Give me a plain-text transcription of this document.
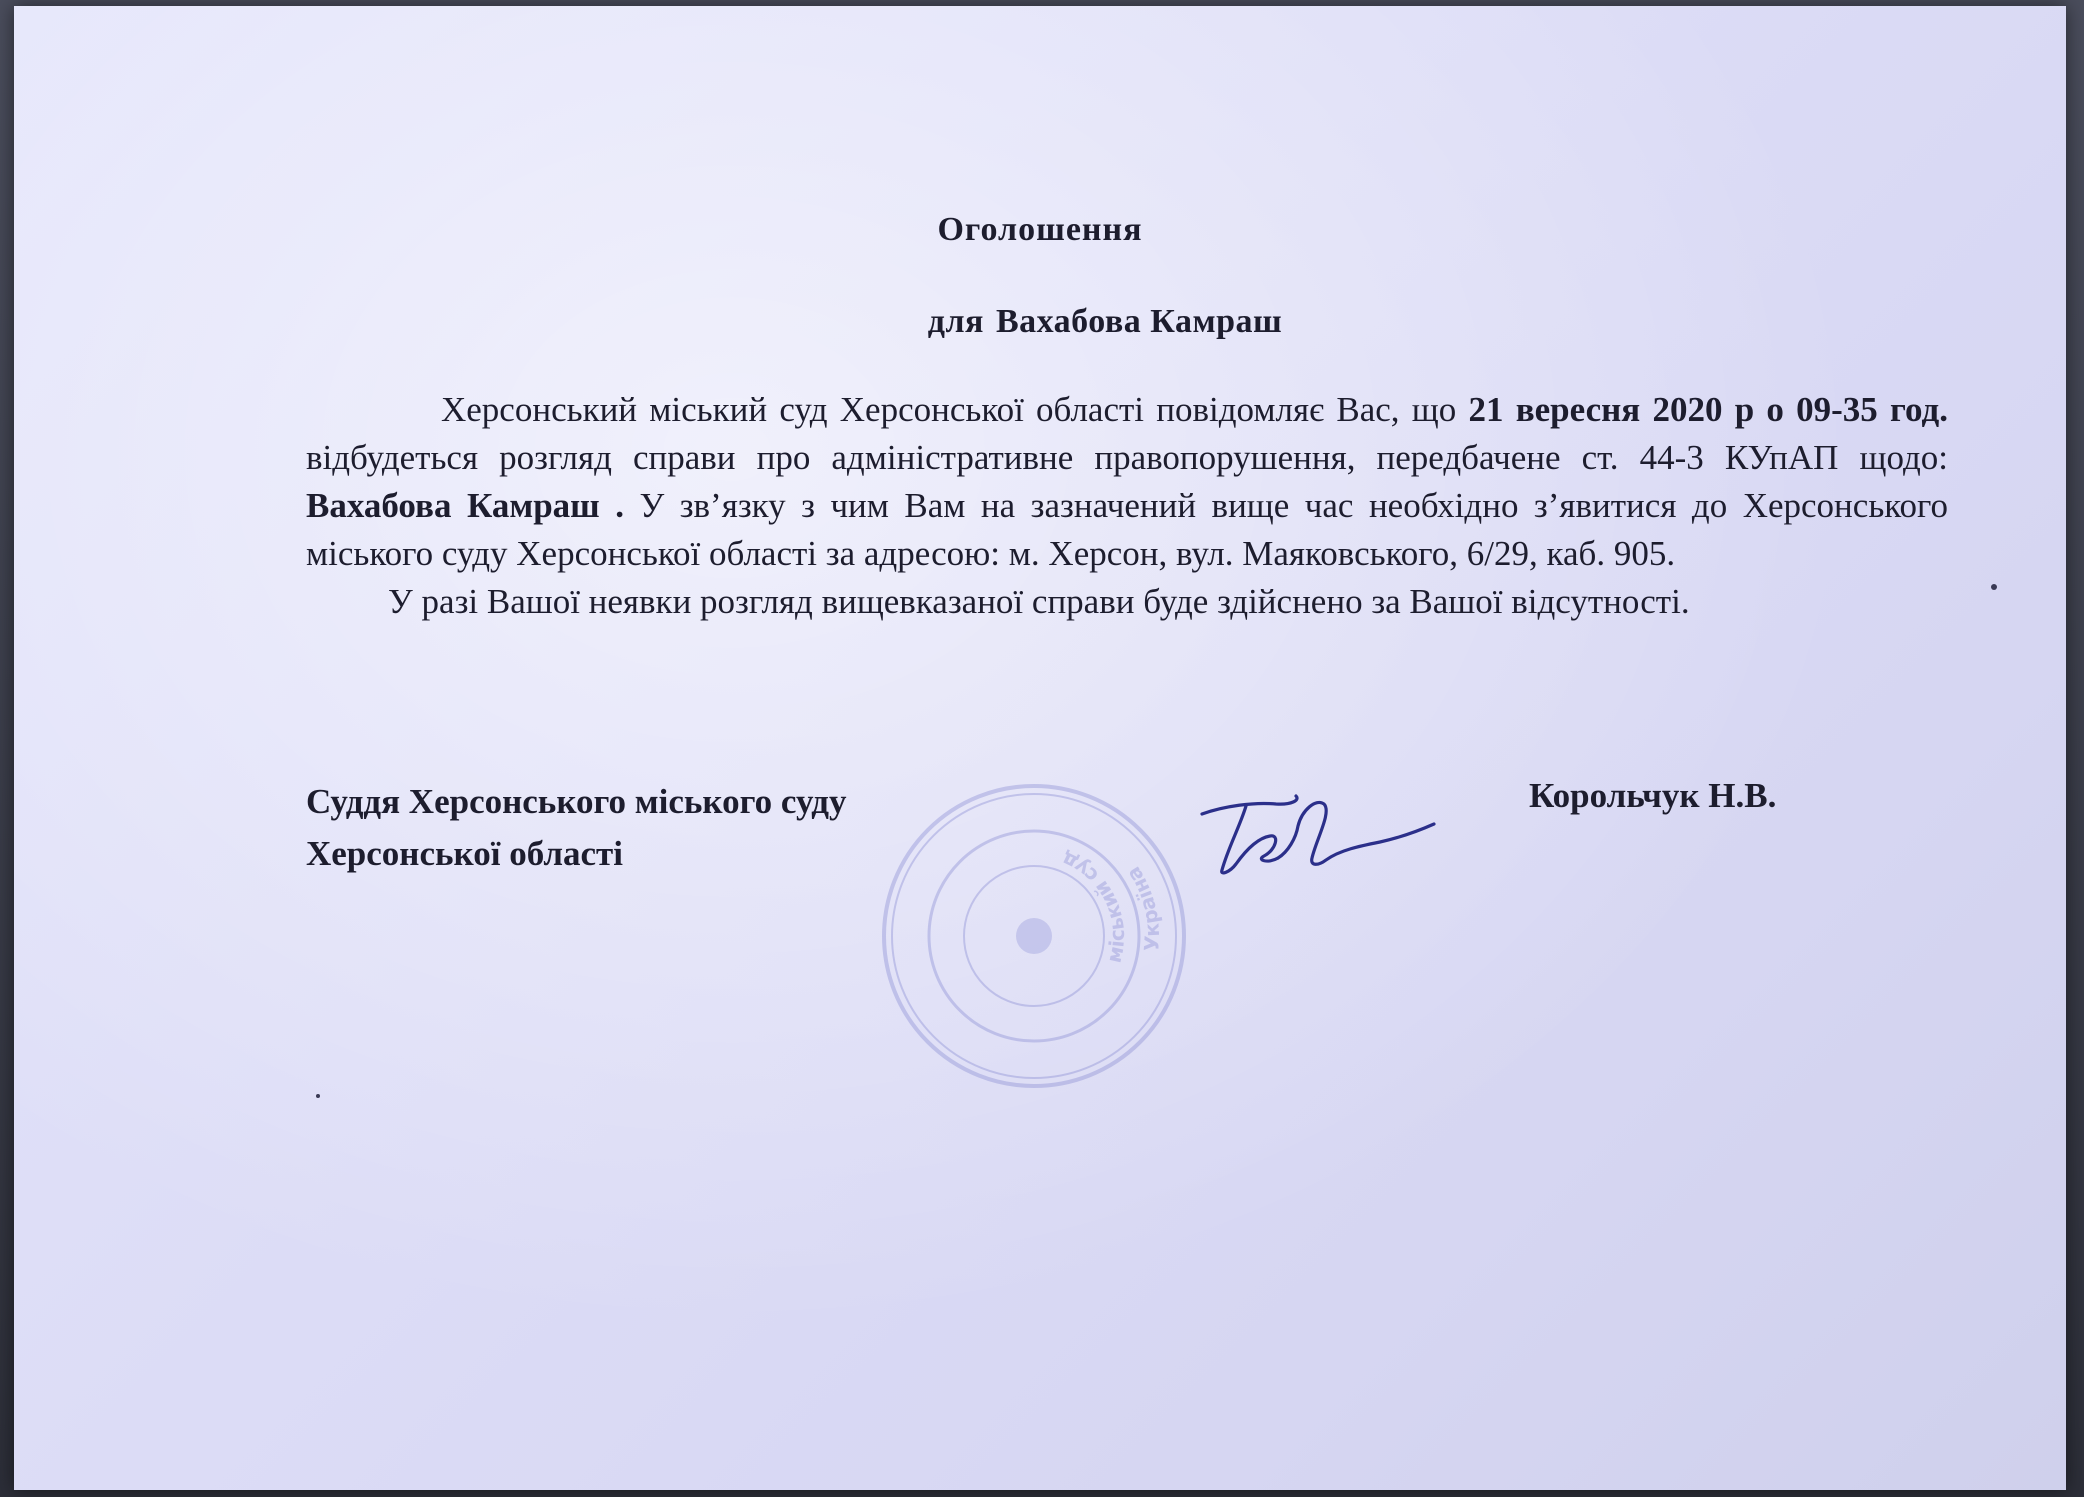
Оголошення
для Вахабова Камраш

Херсонський міський суд Херсонської області повідомляє Вас, що 21 вересня 2020 р о 09-35 год. відбудеться розгляд справи про адміністративне правопорушення, передбачене ст. 44-3 КУпАП щодо: Вахабова Камраш . У зв’язку з чим Вам на зазначений вище час необхідно з’явитися до Херсонського міського суду Херсонської області за адресою: м. Херсон, вул. Маяковського, 6/29, каб. 905.

У разі Вашої неявки розгляд вищевказаної справи буде здійснено за Вашої відсутності.

Суддя Херсонського міського суду
Херсонської області
Україна
міський суд
Корольчук Н.В.
